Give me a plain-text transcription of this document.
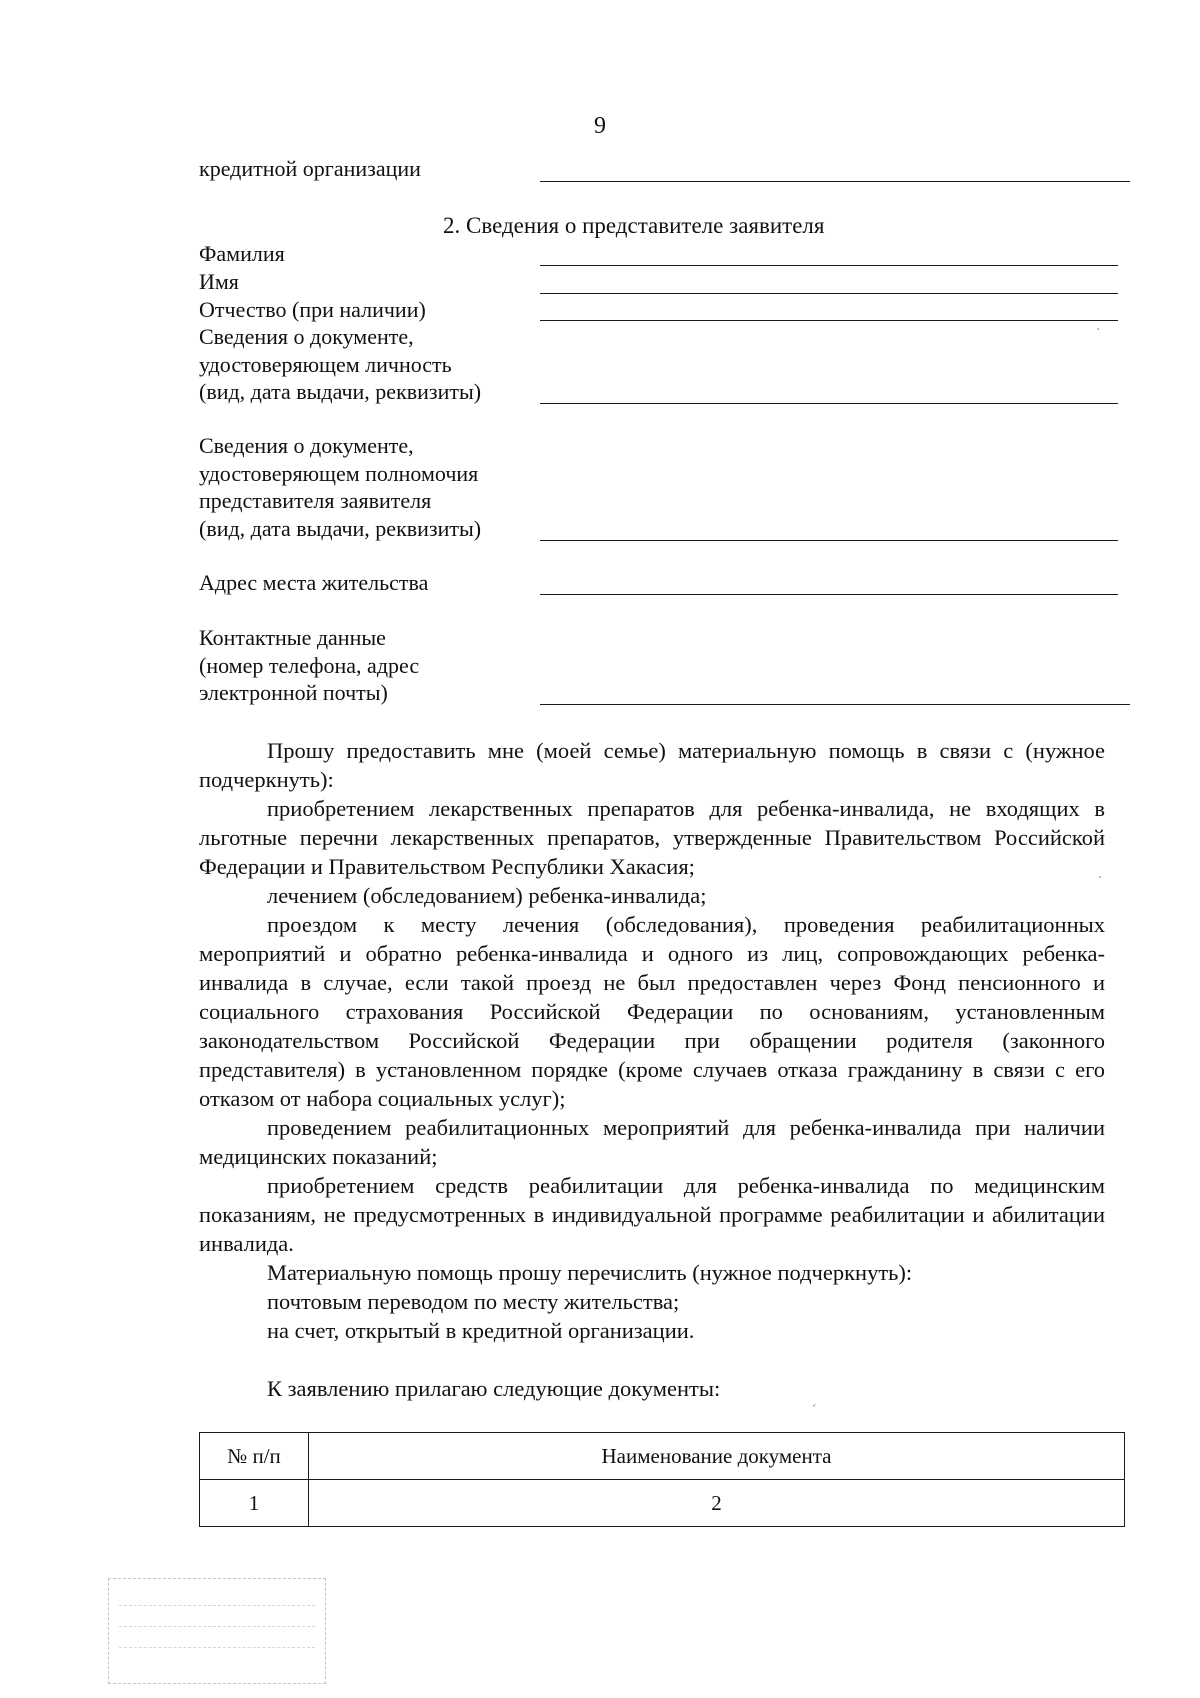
9
кредитной организации
2. Сведения о представителе заявителя
Фамилия
Имя
Отчество (при наличии)
Сведения о документе,
удостоверяющем личность
(вид, дата выдачи, реквизиты)
Сведения о документе,
удостоверяющем полномочия
представителя заявителя
(вид, дата выдачи, реквизиты)
Адрес места жительства
Контактные данные
(номер телефона, адрес
электронной почты)

Прошу предоставить мне (моей семье) материальную помощь в связи с (нужное подчеркнуть):

приобретением лекарственных препаратов для ребенка-инвалида, не входящих в льготные перечни лекарственных препаратов, утвержденные Правительством Российской Федерации и Правительством Республики Хакасия;

лечением (обследованием) ребенка-инвалида;

проездом к месту лечения (обследования), проведения реабилитационных мероприятий и обратно ребенка-инвалида и одного из лиц, сопровождающих ребенка-инвалида в случае, если такой проезд не был предоставлен через Фонд пенсионного и социального страхования Российской Федерации по основаниям, установленным законодательством Российской Федерации при обращении родителя (законного представителя) в установленном порядке (кроме случаев отказа гражданину в связи с его отказом от набора социальных услуг);

проведением реабилитационных мероприятий для ребенка-инвалида при наличии медицинских показаний;

приобретением средств реабилитации для ребенка-инвалида по медицинским показаниям, не предусмотренных в индивидуальной программе реабилитации и абилитации инвалида.

Материальную помощь прошу перечислить (нужное подчеркнуть):

почтовым переводом по месту жительства;

на счет, открытый в кредитной организации.

К заявлению прилагаю следующие документы:
№ п/п	Наименование документа
1	2
·
·
ˊ
